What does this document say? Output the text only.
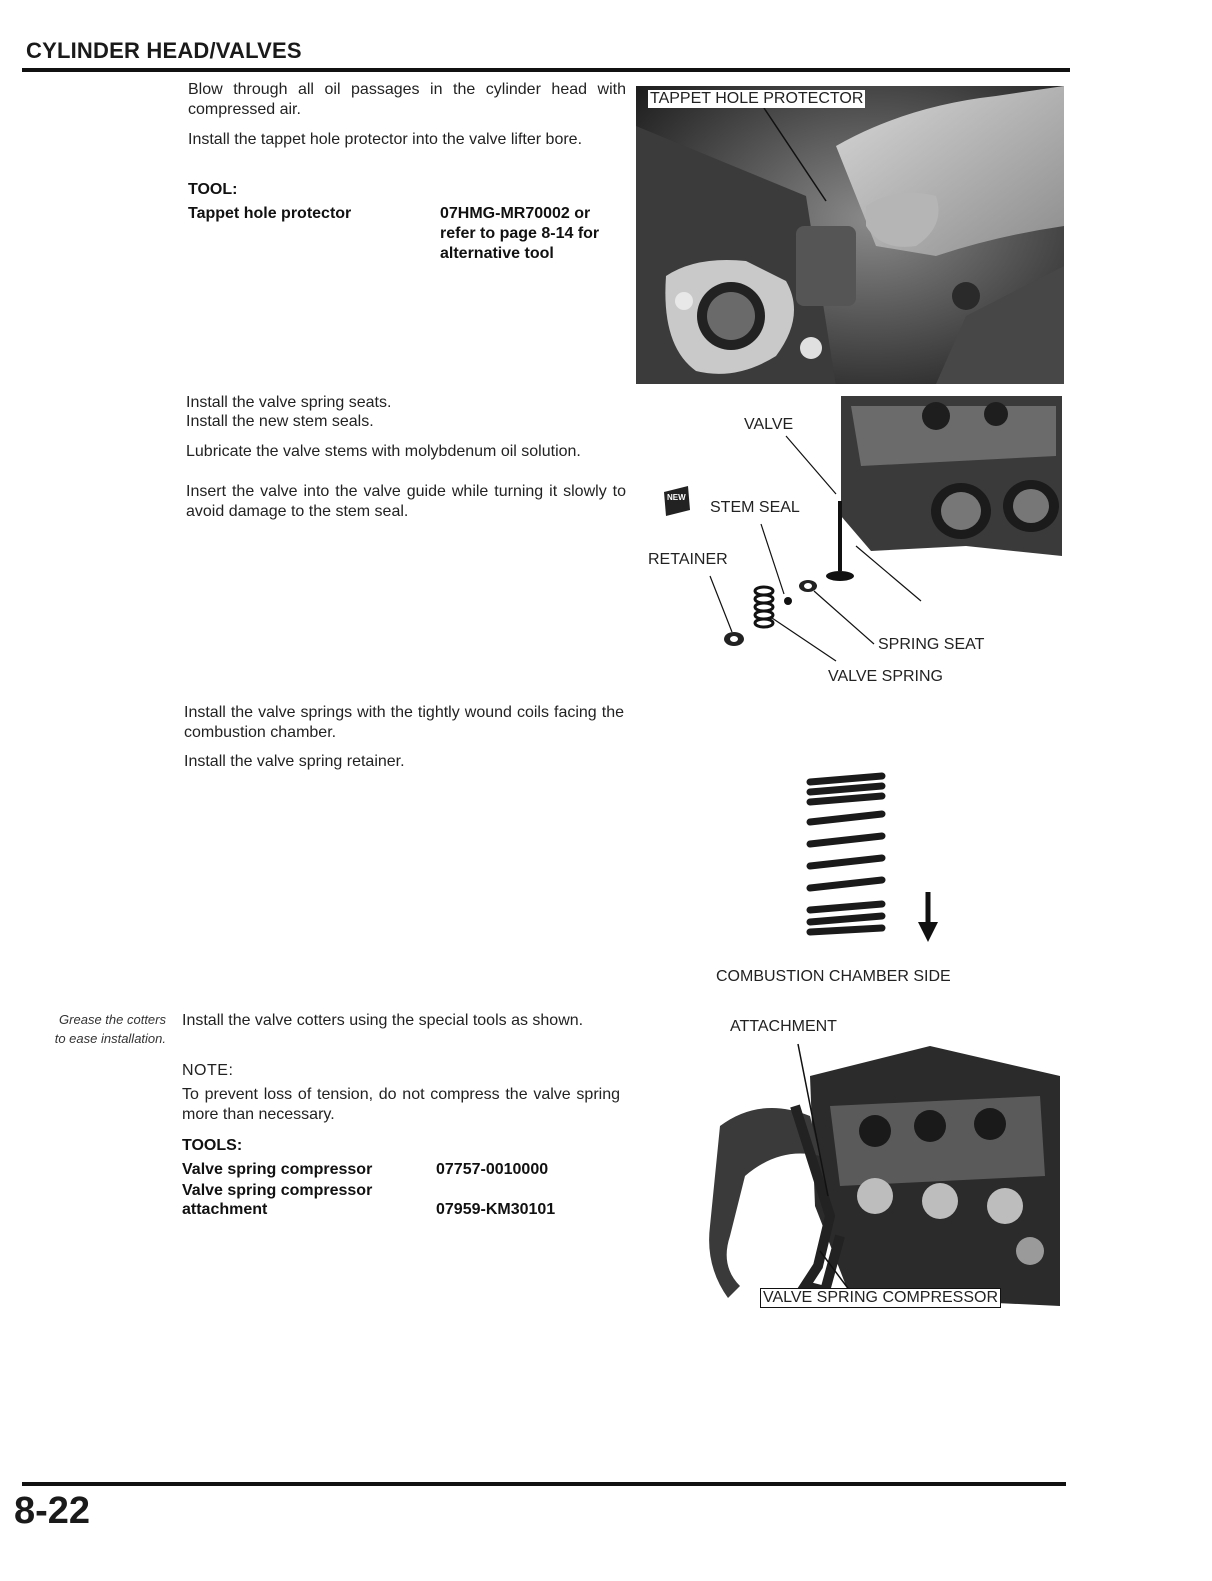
CYLINDER HEAD/VALVES
Blow through all oil passages in the cylinder head with compressed air.
Install the tappet hole protector into the valve lifter bore.
TOOL:
Tappet hole protector	07HMG-MR70002 or
refer to page 8-14 for
alternative tool
TAPPET HOLE PROTECTOR
Install the valve spring seats.
Install the new stem seals.
Lubricate the valve stems with molybdenum oil solution.
Insert the valve into the valve guide while turning it slowly to avoid damage to the stem seal.
VALVE
NEW
STEM SEAL
RETAINER
SPRING SEAT
VALVE SPRING
Install the valve springs with the tightly wound coils facing the combustion chamber.
Install the valve spring retainer.
COMBUSTION CHAMBER SIDE
Grease the cotters
to ease installation.
Install the valve cotters using the special tools as shown.
NOTE:
To prevent loss of tension, do not compress the valve spring more than necessary.
TOOLS:
Valve spring compressor	07757-0010000
Valve spring compressor
attachment	07959-KM30101
ATTACHMENT
VALVE SPRING COMPRESSOR
8-22
